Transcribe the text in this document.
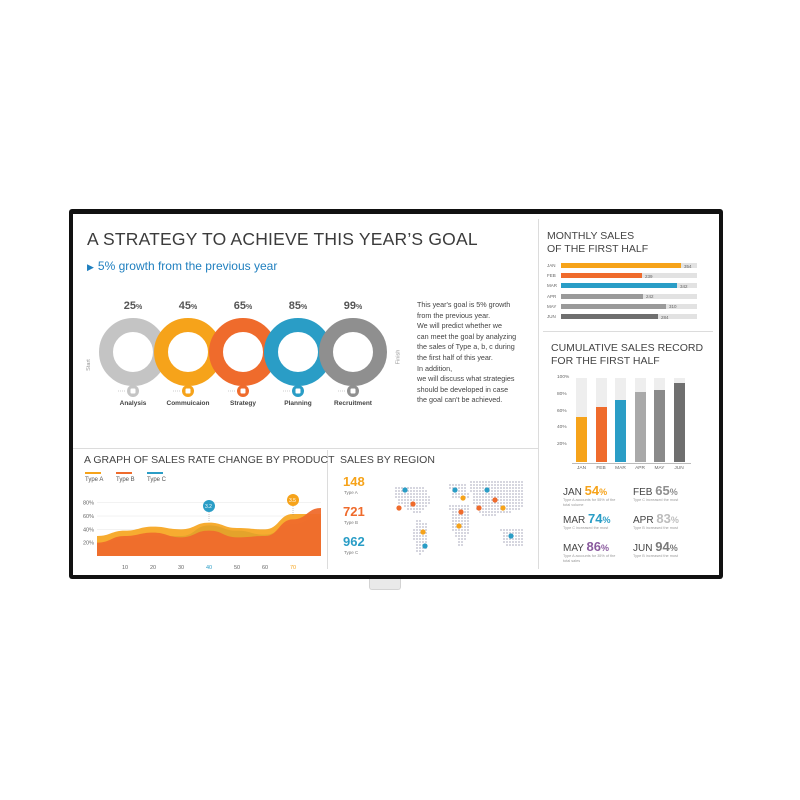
A STRATEGY TO ACHIEVE THIS YEAR’S GOAL
▶ 5% growth from the previous year
Start
Finish
25%
Analysis
45%
Option 01
Commuicaion
65%
Option 02
Strategy
85%
Option 03
Planning
99%
Option 04
Recruitment
This year's goal is 5% growth
from the previous year.
We will predict whether we
can meet the goal by analyzing
the sales of Type a, b, c during
the first half of this year.
In addition,
we will discuss what strategies
should be developed in case
the goal can't be achieved.
MONTHLY SALES
OF THE FIRST HALF
JAN	354
FEB	239
MAR	342
APR	242
MAY	310
JUN	284
CUMULATIVE SALES RECORD
FOR THE FIRST HALF
100%
80%
60%
40%
20%
JAN	FEB	MAR	APR	MAY	JUN
JAN 54%
Type A accounts for 55% of the total volume
FEB 65%
Type C increased the most
MAR 74%
Type C increased the most
APR 83%
Type B increased the most
MAY 86%
Type A accounts for 35% of the total sales
JUN 94%
Type B increased the most
A GRAPH OF SALES RATE CHANGE BY PRODUCT
Type A Type B Type C
80%
60%
40%
20%
10	20	30	40	50	60	70
3.2
3.5
SALES BY REGION
148
Type A
721
Type B
962
Type C
